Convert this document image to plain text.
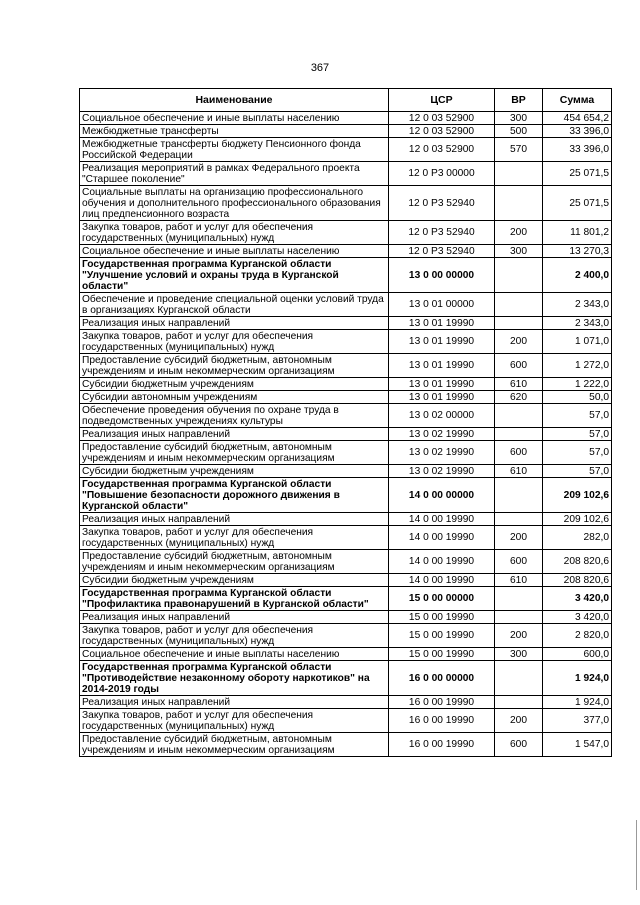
367
Наименование	ЦСР	ВР	Сумма
Социальное обеспечение и иные выплаты населению	12 0 03 52900	300	454 654,2
Межбюджетные трансферты	12 0 03 52900	500	33 396,0
Межбюджетные трансферты бюджету Пенсионного фонда Российской Федерации	12 0 03 52900	570	33 396,0
Реализация мероприятий в рамках Федерального проекта "Старшее поколение"	12 0 P3 00000		25 071,5
Социальные выплаты на организацию профессионального обучения и дополнительного профессионального образования лиц предпенсионного возраста	12 0 P3 52940		25 071,5
Закупка товаров, работ и услуг для обеспечения государственных (муниципальных) нужд	12 0 P3 52940	200	11 801,2
Социальное обеспечение и иные выплаты населению	12 0 P3 52940	300	13 270,3
Государственная программа Курганской области "Улучшение условий и охраны труда в Курганской области"	13 0 00 00000		2 400,0
Обеспечение и проведение специальной оценки условий труда в организациях Курганской области	13 0 01 00000		2 343,0
Реализация иных направлений	13 0 01 19990		2 343,0
Закупка товаров, работ и услуг для обеспечения государственных (муниципальных) нужд	13 0 01 19990	200	1 071,0
Предоставление субсидий бюджетным, автономным учреждениям и иным некоммерческим организациям	13 0 01 19990	600	1 272,0
Субсидии бюджетным учреждениям	13 0 01 19990	610	1 222,0
Субсидии автономным учреждениям	13 0 01 19990	620	50,0
Обеспечение проведения обучения по охране труда в подведомственных учреждениях культуры	13 0 02 00000		57,0
Реализация иных направлений	13 0 02 19990		57,0
Предоставление субсидий бюджетным, автономным учреждениям и иным некоммерческим организациям	13 0 02 19990	600	57,0
Субсидии бюджетным учреждениям	13 0 02 19990	610	57,0
Государственная программа Курганской области "Повышение безопасности дорожного движения в Курганской области"	14 0 00 00000		209 102,6
Реализация иных направлений	14 0 00 19990		209 102,6
Закупка товаров, работ и услуг для обеспечения государственных (муниципальных) нужд	14 0 00 19990	200	282,0
Предоставление субсидий бюджетным, автономным учреждениям и иным некоммерческим организациям	14 0 00 19990	600	208 820,6
Субсидии бюджетным учреждениям	14 0 00 19990	610	208 820,6
Государственная программа Курганской области "Профилактика правонарушений в Курганской области"	15 0 00 00000		3 420,0
Реализация иных направлений	15 0 00 19990		3 420,0
Закупка товаров, работ и услуг для обеспечения государственных (муниципальных) нужд	15 0 00 19990	200	2 820,0
Социальное обеспечение и иные выплаты населению	15 0 00 19990	300	600,0
Государственная программа Курганской области "Противодействие незаконному обороту наркотиков" на 2014-2019 годы	16 0 00 00000		1 924,0
Реализация иных направлений	16 0 00 19990		1 924,0
Закупка товаров, работ и услуг для обеспечения государственных (муниципальных) нужд	16 0 00 19990	200	377,0
Предоставление субсидий бюджетным, автономным учреждениям и иным некоммерческим организациям	16 0 00 19990	600	1 547,0
